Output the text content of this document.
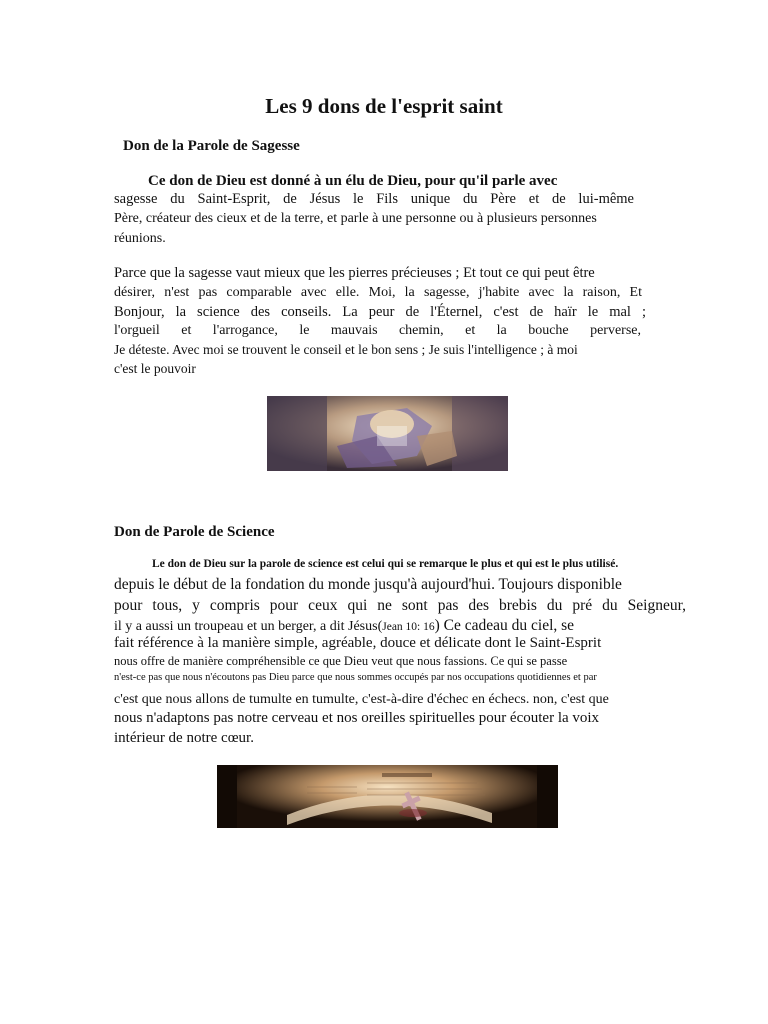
Les 9 dons de l'esprit saint
Don de la Parole de Sagesse

Ce don de Dieu est donné à un élu de Dieu, pour qu'il parle avec

sagesse du Saint-Esprit, de Jésus le Fils unique du Père et de lui-même

Père, créateur des cieux et de la terre, et parle à une personne ou à plusieurs personnes

réunions.

Parce que la sagesse vaut mieux que les pierres précieuses ; Et tout ce qui peut être

désirer, n'est pas comparable avec elle. Moi, la sagesse, j'habite avec la raison, Et

Bonjour, la science des conseils. La peur de l'Éternel, c'est de haïr le mal ;

l'orgueil et l'arrogance, le mauvais chemin, et la bouche perverse,

Je déteste. Avec moi se trouvent le conseil et le bon sens ; Je suis l'intelligence ; à moi

c'est le pouvoir

Don de Parole de Science

Le don de Dieu sur la parole de science est celui qui se remarque le plus et qui est le plus utilisé.

depuis le début de la fondation du monde jusqu'à aujourd'hui. Toujours disponible

pour tous, y compris pour ceux qui ne sont pas des brebis du pré du Seigneur,

il y a aussi un troupeau et un berger, a dit Jésus(Jean 10: 16) Ce cadeau du ciel, se

fait référence à la manière simple, agréable, douce et délicate dont le Saint-Esprit

nous offre de manière compréhensible ce que Dieu veut que nous fassions. Ce qui se passe

n'est-ce pas que nous n'écoutons pas Dieu parce que nous sommes occupés par nos occupations quotidiennes et par

c'est que nous allons de tumulte en tumulte, c'est-à-dire d'échec en échecs. non, c'est que

nous n'adaptons pas notre cerveau et nos oreilles spirituelles pour écouter la voix

intérieur de notre cœur.
